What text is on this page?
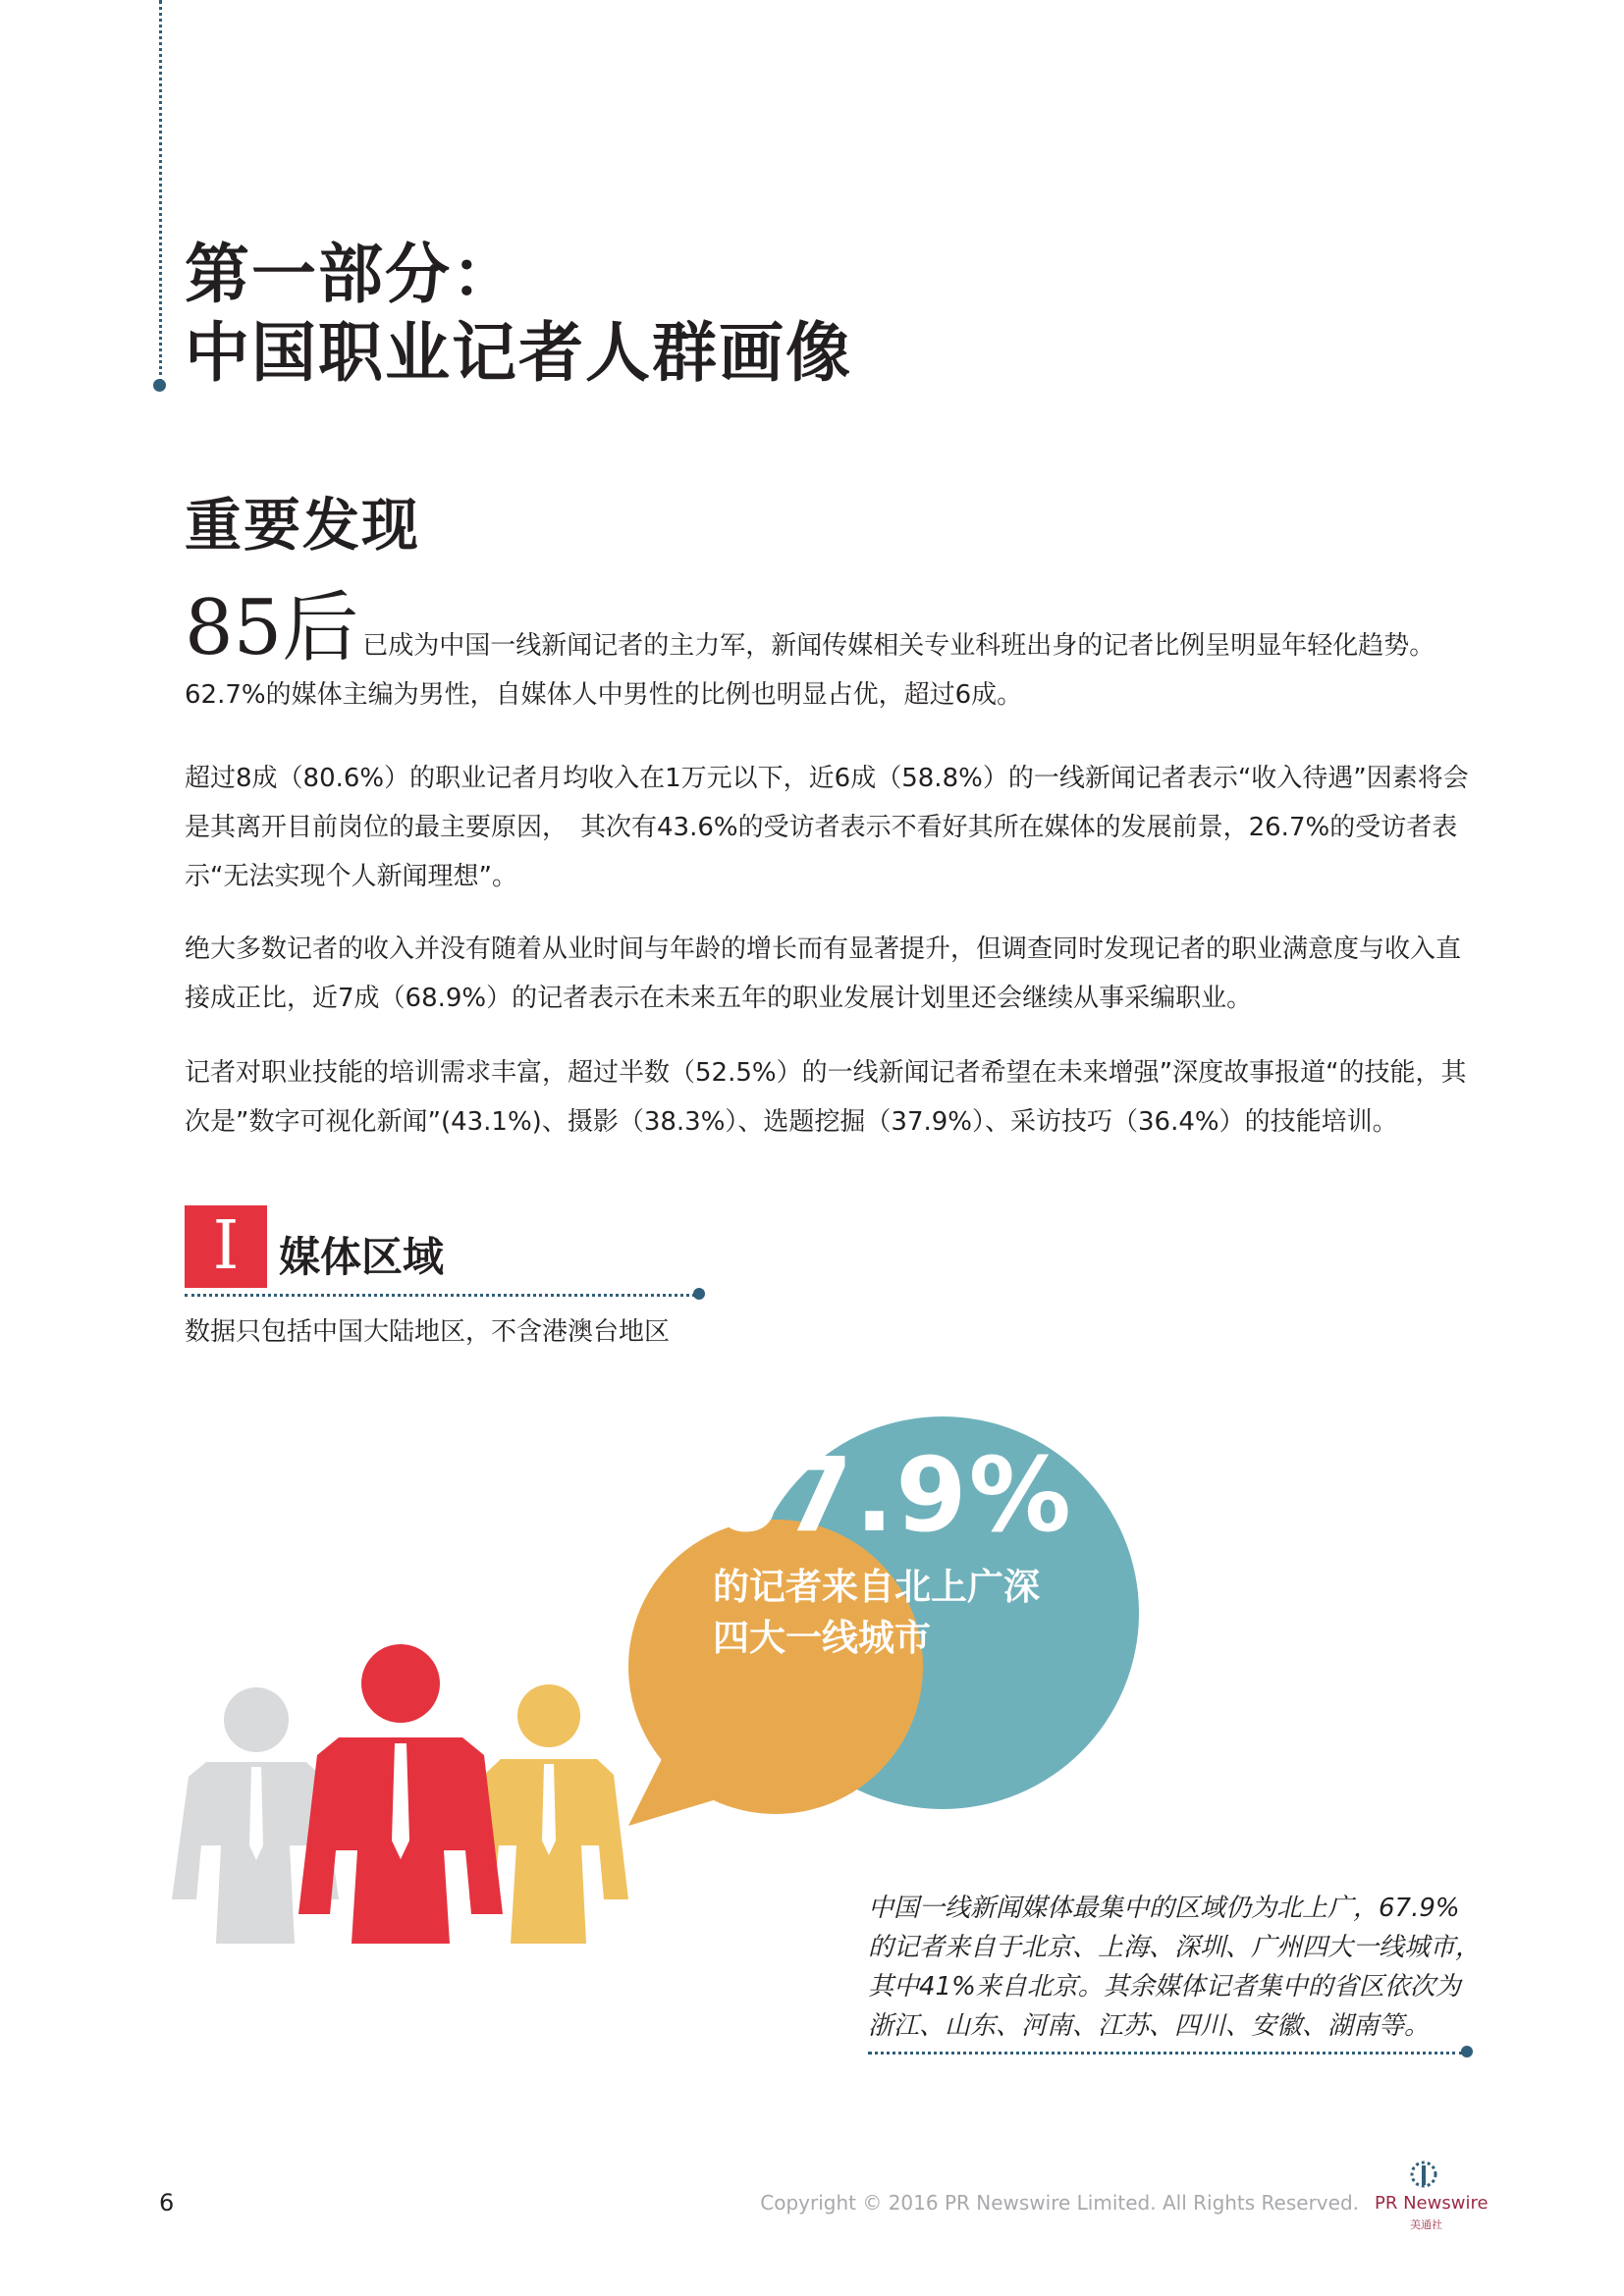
第一部分：
中国职业记者人群画像
重要发现

85后 已成为中国一线新闻记者的主力军，新闻传媒相关专业科班出身的记者比例呈明显年轻化趋势。62.7%的媒体主编为男性，自媒体人中男性的比例也明显占优，超过6成。

超过8成（80.6%）的职业记者月均收入在1万元以下，近6成（58.8%）的一线新闻记者表示“收入待遇”因素将会是其离开目前岗位的最主要原因，　其次有43.6%的受访者表示不看好其所在媒体的发展前景，26.7%的受访者表示“无法实现个人新闻理想”。

绝大多数记者的收入并没有随着从业时间与年龄的增长而有显著提升，但调查同时发现记者的职业满意度与收入直接成正比，近7成（68.9%）的记者表示在未来五年的职业发展计划里还会继续从事采编职业。

记者对职业技能的培训需求丰富，超过半数（52.5%）的一线新闻记者希望在未来增强”深度故事报道“的技能，其次是”数字可视化新闻”(43.1%)、摄影（38.3%）、选题挖掘（37.9%）、采访技巧（36.4%）的技能培训。

I 媒体区域

数据只包括中国大陆地区，不含港澳台地区

67.9%

的记者来自北上广深

四大一线城市

中国一线新闻媒体最集中的区域仍为北上广，67.9%的记者来自于北京、上海、深圳、广州四大一线城市，其中41%来自北京。其余媒体记者集中的省区依次为浙江、山东、河南、江苏、四川、安徽、湖南等。

6	Copyright © 2016 PR Newswire Limited. All Rights Reserved. PR Newswire

美通社
